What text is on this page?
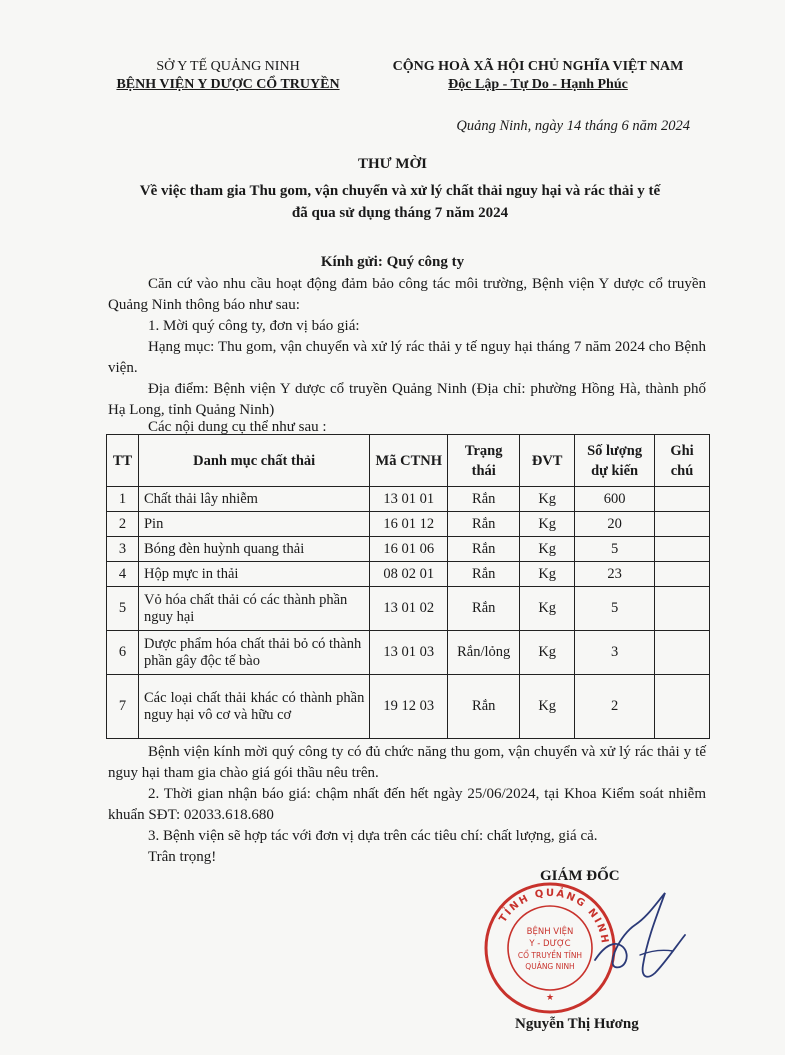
SỞ Y TẾ QUẢNG NINH
BỆNH VIỆN Y DƯỢC CỔ TRUYỀN
CỘNG HOÀ XÃ HỘI CHỦ NGHĨA VIỆT NAM
Độc Lập - Tự Do - Hạnh Phúc
Quảng Ninh, ngày 14 tháng 6 năm 2024
THƯ MỜI
Về việc tham gia Thu gom, vận chuyển và xử lý chất thải nguy hại và rác thải y tế
đã qua sử dụng tháng 7 năm 2024
Kính gửi: Quý công ty
Căn cứ vào nhu cầu hoạt động đảm bảo công tác môi trường, Bệnh viện Y dược cổ truyền Quảng Ninh thông báo như sau:
1. Mời quý công ty, đơn vị báo giá:
Hạng mục: Thu gom, vận chuyển và xử lý rác thải y tế nguy hại tháng 7 năm 2024 cho Bệnh viện.
Địa điểm: Bệnh viện Y dược cổ truyền Quảng Ninh (Địa chỉ: phường Hồng Hà, thành phố Hạ Long, tỉnh Quảng Ninh)
Các nội dung cụ thể như sau :
TT	Danh mục chất thải	Mã CTNH	Trạng thái	ĐVT	Số lượng dự kiến	Ghi chú
1	Chất thải lây nhiễm	13 01 01	Rắn	Kg	600	
2	Pin	16 01 12	Rắn	Kg	20	
3	Bóng đèn huỳnh quang thải	16 01 06	Rắn	Kg	5	
4	Hộp mực in thải	08 02 01	Rắn	Kg	23	
5	Vỏ hóa chất thải có các thành phần nguy hại	13 01 02	Rắn	Kg	5	
6	Dược phẩm hóa chất thải bỏ có thành phần gây độc tế bào	13 01 03	Rắn/lỏng	Kg	3	
7	Các loại chất thải khác có thành phần nguy hại vô cơ và hữu cơ	19 12 03	Rắn	Kg	2	
Bệnh viện kính mời quý công ty có đủ chức năng thu gom, vận chuyển và xử lý rác thải y tế nguy hại tham gia chào giá gói thầu nêu trên.
2. Thời gian nhận báo giá: chậm nhất đến hết ngày 25/06/2024, tại Khoa Kiểm soát nhiễm khuẩn SĐT: 02033.618.680
3. Bệnh viện sẽ hợp tác với đơn vị dựa trên các tiêu chí: chất lượng, giá cả.
Trân trọng!
GIÁM ĐỐC
TỈNH QUẢNG NINH
BỆNH VIỆN
Y - DƯỢC
CỔ TRUYỀN TỈNH
QUẢNG NINH
★
Nguyễn Thị Hương
